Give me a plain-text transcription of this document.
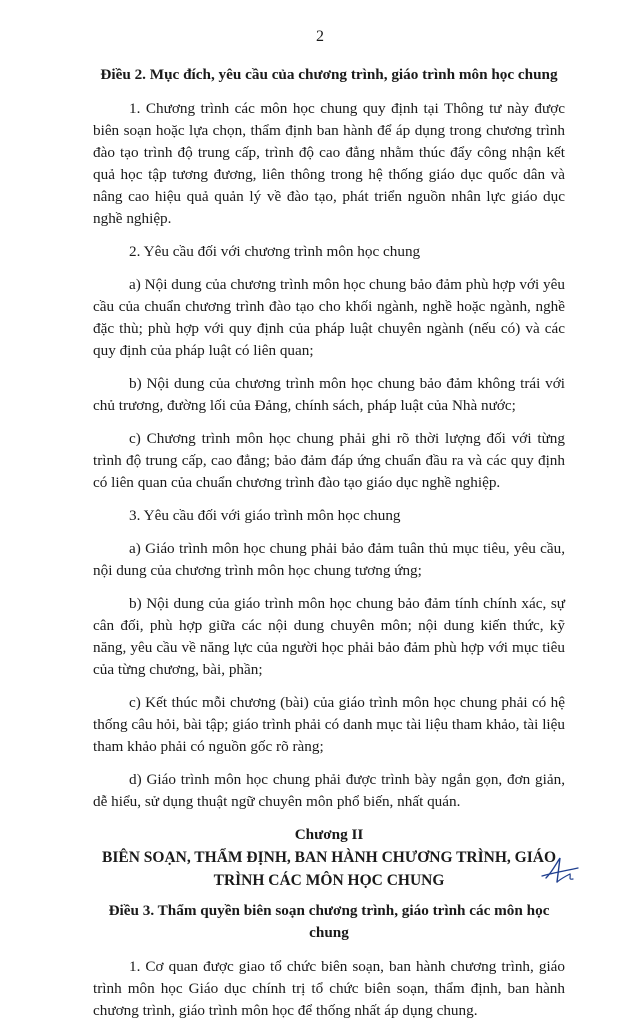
2
Điều 2. Mục đích, yêu cầu của chương trình, giáo trình môn học chung

1. Chương trình các môn học chung quy định tại Thông tư này được biên soạn hoặc lựa chọn, thẩm định ban hành để áp dụng trong chương trình đào tạo trình độ trung cấp, trình độ cao đẳng nhằm thúc đẩy công nhận kết quả học tập tương đương, liên thông trong hệ thống giáo dục quốc dân và nâng cao hiệu quả quản lý về đào tạo, phát triển nguồn nhân lực giáo dục nghề nghiệp.

2. Yêu cầu đối với chương trình môn học chung

a) Nội dung của chương trình môn học chung bảo đảm phù hợp với yêu cầu của chuẩn chương trình đào tạo cho khối ngành, nghề hoặc ngành, nghề đặc thù; phù hợp với quy định của pháp luật chuyên ngành (nếu có) và các quy định của pháp luật có liên quan;

b) Nội dung của chương trình môn học chung bảo đảm không trái với chủ trương, đường lối của Đảng, chính sách, pháp luật của Nhà nước;

c) Chương trình môn học chung phải ghi rõ thời lượng đối với từng trình độ trung cấp, cao đẳng; bảo đảm đáp ứng chuẩn đầu ra và các quy định có liên quan của chuẩn chương trình đào tạo giáo dục nghề nghiệp.

3. Yêu cầu đối với giáo trình môn học chung

a) Giáo trình môn học chung phải bảo đảm tuân thủ mục tiêu, yêu cầu, nội dung của chương trình môn học chung tương ứng;

b) Nội dung của giáo trình môn học chung bảo đảm tính chính xác, sự cân đối, phù hợp giữa các nội dung chuyên môn; nội dung kiến thức, kỹ năng, yêu cầu về năng lực của người học phải bảo đảm phù hợp với mục tiêu của từng chương, bài, phần;

c) Kết thúc mỗi chương (bài) của giáo trình môn học chung phải có hệ thống câu hỏi, bài tập; giáo trình phải có danh mục tài liệu tham khảo, tài liệu tham khảo phải có nguồn gốc rõ ràng;

d) Giáo trình môn học chung phải được trình bày ngắn gọn, đơn giản, dễ hiểu, sử dụng thuật ngữ chuyên môn phổ biến, nhất quán.

Chương II
BIÊN SOẠN, THẨM ĐỊNH, BAN HÀNH CHƯƠNG TRÌNH, GIÁO
TRÌNH CÁC MÔN HỌC CHUNG
Điều 3. Thẩm quyền biên soạn chương trình, giáo trình các môn học chung

1. Cơ quan được giao tổ chức biên soạn, ban hành chương trình, giáo trình môn học Giáo dục chính trị tổ chức biên soạn, thẩm định, ban hành chương trình, giáo trình môn học để thống nhất áp dụng chung.
